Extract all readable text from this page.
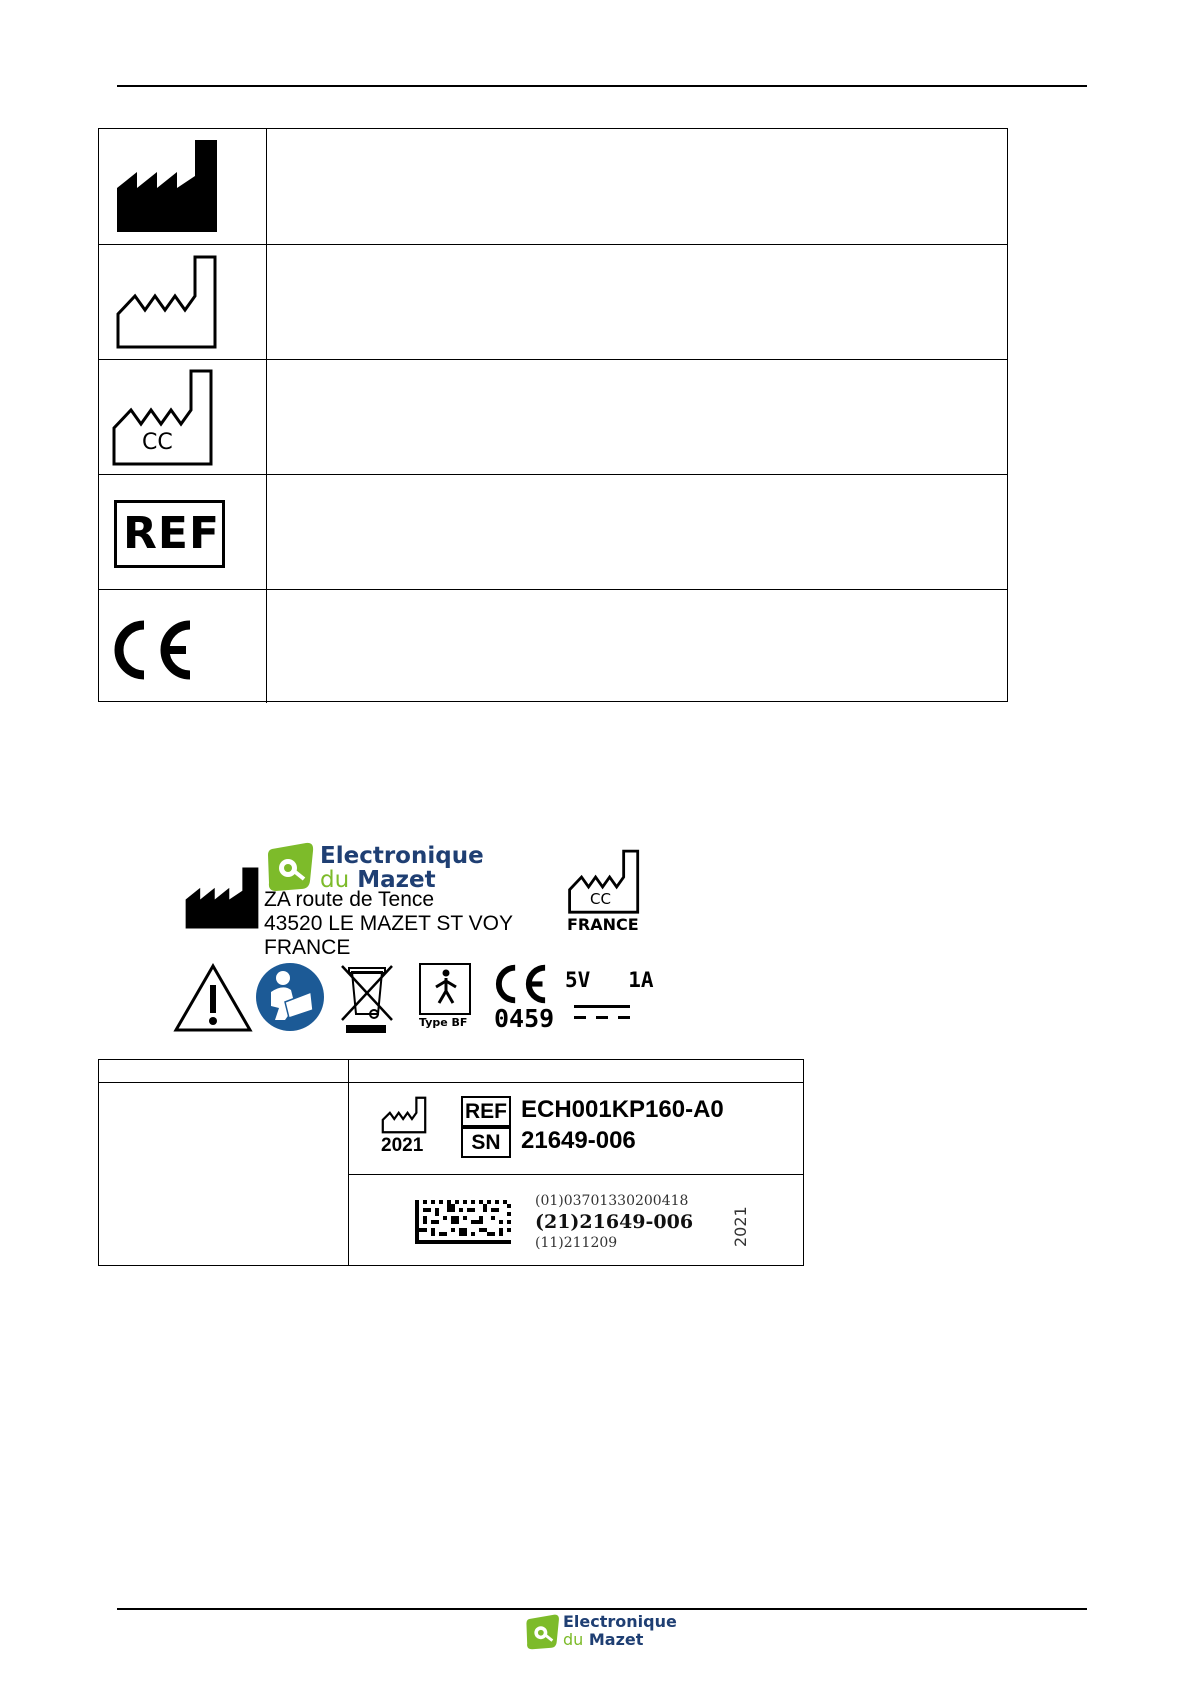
CC
REF
Electronique
du Mazet
ZA route de Tence
43520 LE MAZET ST VOY
FRANCE
CC
FRANCE
Type BF 0459
5V   1A
2021
REF
SN
ECH001KP160-A0
21649-006
(01)03701330200418
(21)21649-006
(11)211209	2021
Electronique
du Mazet
